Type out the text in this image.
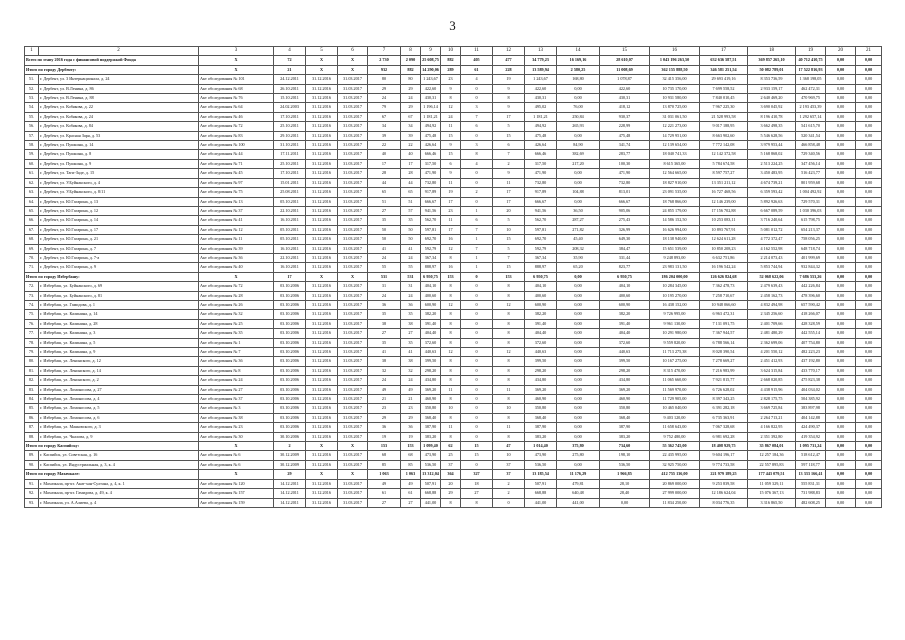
3
1	2	3	4	5	6	7	8	9	10	11	12	13	14	15	16	17	18	19	20	21
Всего по этапу 2016 года с финансовой поддержкой Фонда		X	72	X	X	2 730	2 090	25 608,75	882	405	477	34 779,23	16 169,16	28 610,07	1 043 196 263,50	632 636 587,51	369 857 265,10	40 712 410,75	0,00	0,00
Итого по городу Дербенту:		X	21	X	X	932	882	14 290,06	289	61	228	13 589,94	2 580,25	11 008,69	362 155 888,50	346 581 251,54	50 082 789,01	17 522 816,93	0,00	0,00
51.	г. Дербент, ул. 3 Интернационала, д. 24	Акт обследования № 101	24.12.2011	31.12.2016	31.03.2017	80	80	1 243,67	23	4	19	1 243,67	168,80	1 078,87	32 415 356,00	29 693 419,16	8 353 736,59	1 368 198,05	0,00	0,00
52.	г. Дербент, ул. В.Ленина, д. 86	Акт обследования № 68	26.10.2011	31.12.2016	31.03.2017	29	29	422,60	9	0	9	422,60	0,00	422,60	10 735 170,00	7 699 558,52	2 933 159,17	462 472,31	0,00	0,00
53.	г. Дербент, ул. В.Ленина, д. 88	Акт обследования № 76	15.10.2011	31.12.2016	31.03.2017	24	24	430,31	8	0	8	430,31	0,00	430,31	10 931 580,00	7 840 010,45	2 640 469,20	470 969,75	0,00	0,00
54.	г. Дербент, ул. Кобякова, д. 22	Акт обследования № 64	24.02.2003	31.12.2016	31.03.2017	79	29	1 196,14	12	3	9	495,02	76,00	418,12	13 870 725,00	7 967 225,30	3 690 045,92	2 193 453,39	0,00	0,00
55.	г. Дербент, ул. Кобякова, д. 24	Акт обследования № 46	17.10.2011	31.12.2016	31.03.2017	67	67	1 181,21	24	7	17	1 181,21	250,84	930,37	31 031 061,50	21 528 993,58	8 196 410,78	1 292 657,14	0,00	0,00
56.	г. Дербент, ул. Кобякова, д. 84	Акт обследования № 72	25.10.2011	31.12.2016	31.03.2017	34	34	494,92	11	6	5	494,92	265,93	228,99	12 221 273,00	9 017 188,95	3 662 498,35	541 615,70	0,00	0,00
57.	г. Дербент, ул. Красная Заря, д. 53	Акт обследования № 83	29.10.2011	31.12.2016	31.03.2017	39	39	475,48	15	0	15	475,48	0,00	475,48	14 729 951,00	8 663 902,60	5 546 628,56	520 341,54	0,00	0,00
58.	г. Дербент, ул. Пушкина, д. 14	Акт обследования № 100	31.10.2011	31.12.2016	31.03.2017	22	22	426,64	9	3	6	426,64	84,90	341,74	12 139 654,00	7 772 142,08	3 979 953,44	466 858,48	0,00	0,00
59.	г. Дербент, ул. Пушкина, д. 8	Акт обследования № 44	17.11.2011	31.12.2016	31.03.2017	40	40	666,46	15	8	7	666,46	382,69	283,77	18 040 741,33	12 142 372,58	5 168 868,02	729 340,56	0,00	0,00
60.	г. Дербент, ул. Пушкина, д. 9	Акт обследования № 71	25.10.2011	31.12.2016	31.03.2017	17	17	317,50	6	4	2	317,50	217,20	100,30	8 615 365,00	5 784 674,58	2 513 224,25	347 456,14	0,00	0,00
61.	г. Дербент, ул. Таги-Заде, д. 15	Акт обследования № 45	17.10.2011	31.12.2016	31.03.2017	28	28	471,90	9	0	9	471,90	0,00	471,90	12 564 665,00	8 597 757,27	3 450 483,95	516 423,77	0,00	0,00
62.	г. Дербент, ул. У.Буйнакского, д. 4	Акт обследования № 97	15.01.2011	31.12.2016	31.03.2017	44	44	732,80	11	0	11	732,80	0,00	732,80	18 827 910,00	13 351 211,12	4 674 739,21	801 959,68	0,00	0,00
63.	г. Дербент, ул. У.Буйнакского, д. 8/11	Акт обследования № 75	25.08.2011	31.12.2016	31.03.2017	65	65	917,89	19	2	17	917,89	104,88	813,01	23 091 535,00	16 727 468,56	6 359 593,42	1 004 492,92	0,00	0,00
64.	г. Дербент, ул. Ю.Гагарина, д. 13	Акт обследования № 13	05.10.2011	31.12.2016	31.03.2017	51	51	666,67	17	0	17	666,67	0,00	666,67	18 768 866,00	12 146 239,00	5 892 926,63	729 570,31	0,00	0,00
65.	г. Дербент, ул. Ю.Гагарина, д. 12	Акт обследования № 37	22.10.2011	31.12.2016	31.03.2017	27	57	941,56	23	1	20	941,56	36,50	905,06	24 855 179,00	17 156 702,88	6 667 089,59	1 030 396,03	0,00	0,00
66.	г. Дербент, ул. Ю.Гагарина, д. 14	Акт обследования № 41	16.10.2011	31.12.2016	31.03.2017	35	35	562,70	11	6	5	562,70	287,27	275,43	14 586 152,50	10 253 083,11	3 716 240,64	615 798,75	0,00	0,00
67.	г. Дербент, ул. Ю.Гагарина, д. 17	Акт обследования № 12	05.10.2011	31.12.2016	31.03.2017	50	50	597,81	17	7	10	597,81	271,82	326,99	16 626 994,00	10 893 767,91	5 081 012,72	654 213,37	0,00	0,00
68.	г. Дербент, ул. Ю.Гагарина, д. 21	Акт обследования № 11	05.10.2011	31.12.2016	31.03.2017	50	50	692,70	16	1	15	692,70	45,40	649,30	18 138 940,00	12 624 611,28	4 772 372,47	758 056,25	0,00	0,00
69.	г. Дербент, ул. Ю.Гагарина, д. 7	Акт обследования № 39	16.10.2011	31.12.2016	31.03.2017	41	41	592,79	12	7	5	592,79	208,32	384,47	15 651 539,00	10 850 208,23	4 162 552,98	648 718,74	0,00	0,00
70.	г. Дербент, ул. Ю.Гагарина, д. 7-а	Акт обследования № 36	22.10.2011	31.12.2016	31.03.2017	24	24	367,34	8	1	7	367,34	35,90	331,44	9 248 893,00	6 632 751,86	2 214 073,43	401 999,69	0,00	0,00
71.	г. Дербент, ул. Ю.Гагарина, д. 9	Акт обследования № 40	16.10.2011	31.12.2016	31.03.2017	55	55	888,97	16	1	15	888,97	65,20	823,77	23 983 131,50	16 196 542,24	5 853 744,94	932 844,32	0,00	0,00
Итого по городу Избербашу:		X	17	X	X	531	531	6 950,75	153	0	153	6 950,75	0,00	6 950,75	186 204 000,00	126 626 824,68	52 068 622,06	7 686 553,26	0,00	0,00
72.	г. Избербаш, ул. Буйнакского, д. 69	Акт обследования № 72	03.10.2006	31.12.2016	31.03.2017	31	31	404,10	8	0	8	404,10	0,00	404,10	10 284 345,00	7 362 478,73	2 479 639,43	442 226,84	0,00	0,00
73.	г. Избербаш, ул. Буйнакского, д. 81	Акт обследования № 28	03.10.2006	31.12.2016	31.03.2017	24	24	400,60	8	0	8	400,60	0,00	400,60	10 195 270,00	7 258 710,67	2 458 162,73	478 396,60	0,00	0,00
74.	г. Избербаш, ул. Гамидова, д. 1	Акт обследования № 26	03.10.2006	31.12.2016	31.03.2017	36	36	600,90	12	0	12	600,90	0,00	600,90	16 438 152,00	10 948 066,60	4 832 494,98	657 590,42	0,00	0,00
75.	г. Избербаш, ул. Калинина, д. 14	Акт обследования № 32	03.10.2006	31.12.2016	31.03.2017	35	35	382,20	8	0	8	382,20	0,00	382,20	9 726 995,00	6 963 472,31	2 345 256,60	418 266,07	0,00	0,00
76.	г. Избербаш, ул. Калинина, д. 28	Акт обследования № 25	03.10.2006	31.12.2016	31.03.2017	38	38	391,40	8	0	8	391,40	0,00	391,40	9 961 130,00	7 131 091,75	2 401 709,66	428 328,59	0,00	0,00
77.	г. Избербаш, ул. Калинина, д. 3	Акт обследования № 35	03.10.2006	31.12.2016	31.03.2017	27	27	404,40	8	0	8	404,40	0,00	404,40	10 291 980,00	7 367 944,57	2 481 480,29	442 555,14	0,00	0,00
78.	г. Избербаш, ул. Калинина, д. 5	Акт обследования № 1	03.10.2006	31.12.2016	31.03.2017	35	35	372,60	8	0	8	372,60	0,00	372,60	9 559 820,00	6 788 566,14	2 362 699,06	407 754,80	0,00	0,00
79.	г. Избербаш, ул. Калинина, д. 9	Акт обследования № 7	03.10.2006	31.12.2016	31.03.2017	41	41	440,63	12	0	12	440,63	0,00	440,63	11 713 275,38	8 028 390,54	4 201 550,12	482 223,23	0,00	0,00
80.	г. Избербаш, ул. Ленинского, д. 12	Акт обследования № 36	03.10.2006	31.12.2016	31.03.2017	38	38	399,50	8	0	8	399,50	0,00	399,50	10 167 275,00	7 278 669,27	2 451 412,93	437 192,80	0,00	0,00
81.	г. Избербаш, ул. Ленинского, д. 14	Акт обследования № 8	03.10.2006	31.12.2016	31.03.2017	32	32	298,20	8	0	8	298,20	0,00	298,20	8 315 470,00	7 216 983,99	3 624 315,84	433 770,17	0,00	0,00
82.	г. Избербаш, ул. Ленинского, д. 2	Акт обследования № 24	03.10.2006	31.12.2016	31.03.2017	24	24	434,80	8	0	8	434,80	0,00	434,80	11 065 660,00	7 921 815,77	2 668 020,85	475 823,38	0,00	0,00
83.	г. Избербаш, ул. Ломоносова, д. 27	Акт обследования № 27	03.10.2006	31.12.2016	31.03.2017	49	49	369,20	11	0	11	369,20	0,00	369,20	11 569 970,00	6 726 628,02	4 438 915,96	404 034,02	0,00	0,00
84.	г. Избербаш, ул. Ломоносова, д. 4	Акт обследования № 37	03.10.2006	31.12.2016	31.03.2017	21	21	460,90	8	0	8	460,90	0,00	460,90	11 729 905,00	8 397 343,25	2 828 175,75	504 385,92	0,00	0,00
85.	г. Избербаш, ул. Ломоносова, д. 5	Акт обследования № 3	03.10.2006	31.12.2016	31.03.2017	23	23	350,80	10	0	10	350,80	0,00	350,80	10 465 040,00	6 391 282,18	3 669 725,84	383 897,98	0,00	0,00
86.	г. Избербаш, ул. Ломоносова, д. 6	Акт обследования № 38	03.10.2006	31.12.2016	31.03.2017	29	29	368,40	8	0	8	368,40	0,00	368,40	9 403 120,00	6 735 363,91	2 264 713,21	404 142,88	0,00	0,00
87.	г. Избербаш, ул. Маяковского, д. 3	Акт обследования № 23	03.10.2006	31.12.2016	31.03.2017	36	36	387,90	11	0	11	387,90	0,00	387,90	11 658 643,00	7 067 328,68	4 166 822,95	424 490,37	0,00	0,00
88.	г. Избербаш, ул. Чкалова, д. 9	Акт обследования № 30	30.10.2006	31.12.2016	31.03.2017	19	19	383,20	8	0	8	383,20	0,00	383,20	9 752 480,00	6 981 692,28	2 351 392,80	419 354,92	0,00	0,00
Итого по городу Каспийску:		X	2	X	X	153	153	1 099,40	62	15	47	1 014,40	375,80	734,60	55 362 745,00	18 408 929,75	35 867 084,01	1 095 731,24	0,00	0,00
89.	г. Каспийск, ул. Советская, д. 16	Акт обследования № 6	30.12.2009	31.12.2016	31.03.2017	68	68	473,90	25	15	10	473,90	275,80	198,10	22 435 995,00	9 604 196,17	12 257 184,36	518 612,47	0,00	0,00
90.	г. Каспийск, ул. Индустриальная, д. 3, к. 4	Акт обследования № 6	30.12.2009	31.12.2016	31.03.2017	85	85	536,50	37	0	37	536,50	0,00	536,50	32 925 750,00	9 774 733,58	22 557 895,83	597 118,77	0,00	0,00
Итого по городу Махачкале:		X	29	X	X	1 063	1 063	13 312,04	364	327	37	13 185,54	11 176,29	1 966,85	412 755 136,00	221 979 189,25	177 443 079,51	13 333 166,41	0,00	0,00
91.	г. Махачкала, пр-кт. Акат-хан-Султана, д. 4, к. 1	Акт обследования № 120	14.12.2011	31.12.2016	31.03.2017	49	49	507,91	20	18	2	507,91	479,81	28,10	20 869 000,00	9 253 839,58	11 059 329,11	555 831,31	0,00	0,00
92.	г. Махачкала, пр-кт. Гамидова, д. 49, к. 4	Акт обследования № 157	14.12.2011	31.12.2016	31.03.2017	61	61	668,88	29	27	2	668,88	640,48	28,40	27 999 000,00	12 186 624,04	15 076 367,13	731 988,83	0,00	0,00
93.	г. Махачкала, ул. А.Алиева, д. 4	Акт обследования № 159	14.12.2011	31.12.2016	31.03.2017	27	27	441,00	8	8	0	441,00	441,00	0,00	11 834 250,00	8 034 776,35	3 316 865,50	482 608,25	0,00	0,00
